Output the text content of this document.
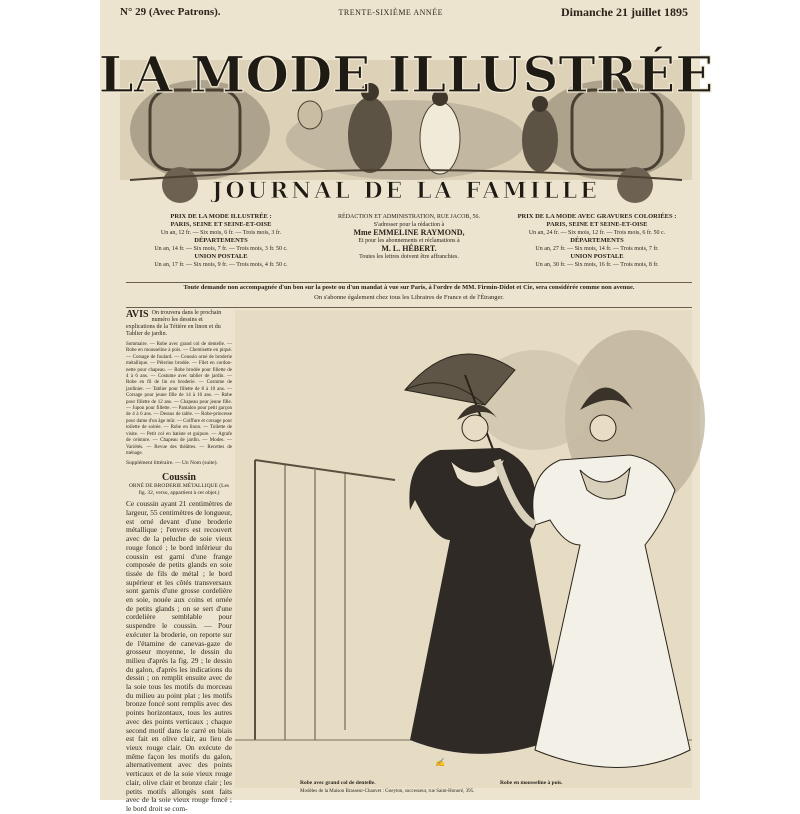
N° 29 (Avec Patrons).	TRENTE-SIXIÈME ANNÉE	Dimanche 21 juillet 1895
LA MODE ILLUSTRÉE
JOURNAL DE LA FAMILLE
PRIX DE LA MODE ILLUSTRÉE :
PARIS, SEINE ET SEINE-ET-OISE
Un an, 12 fr. — Six mois, 6 fr. — Trois mois, 3 fr.
DÉPARTEMENTS
Un an, 14 fr. — Six mois, 7 fr. — Trois mois, 3 fr. 50 c.
UNION POSTALE
Un an, 17 fr. — Six mois, 9 fr. — Trois mois, 4 fr. 50 c.
RÉDACTION ET ADMINISTRATION, RUE JACOB, 56.
S'adresser pour la rédaction à
Mme EMMELINE RAYMOND,
Et pour les abonnements et réclamations à
M. L. HÉBERT.
Toutes les lettres doivent être affranchies.
PRIX DE LA MODE AVEC GRAVURES COLORIÉES :
PARIS, SEINE ET SEINE-ET-OISE
Un an, 24 fr. — Six mois, 12 fr. — Trois mois, 6 fr. 50 c.
DÉPARTEMENTS
Un an, 27 fr. — Six mois, 14 fr. — Trois mois, 7 fr.
UNION POSTALE
Un an, 30 fr. — Six mois, 16 fr. — Trois mois, 8 fr.
Toute demande non accompagnée d'un bon sur la poste ou d'un mandat à vue sur Paris, à l'ordre de MM. Firmin-Didot et Cie, sera considérée comme non avenue.
On s'abonne également chez tous les Libraires de France et de l'Étranger.
AVIS On trouvera dans le prochain numéro les dessins et explications de la Tétière en linon et du Tablier de jardin.
Sommaire. — Robe avec grand col de dentelle. — Robe en mousseline à pois. — Chemisette en piqué. — Corsage de foulard. — Coussin orné de broderie métallique. — Pèlerine brodée. — Filet en cordon-nette pour chapeau. — Robe brodée pour fillette de 4 à 6 ans. — Costume avec tablier de jardin. — Robe en fil de lin en broderie. — Costume de jardinier. — Tablier pour fillette de 8 à 10 ans. — Corsage pour jeune fille de 14 à 16 ans. — Robe pour fillette de 12 ans. — Chapeau pour jeune fille. — Jupon pour fillette. — Pantalon pour petit garçon de 4 à 6 ans. — Dessus de table. — Robe-princesse pour dame d'un âge mûr. — Coiffure et corsage pour toilette de soirée. — Robe en linon. — Toilette de visite. — Petit col en batiste et guipure. — Agrafe de ceinture. — Chapeau de jardin. — Modes. — Variétés. — Revue des théâtres. — Recettes de ménage.
Supplément littéraire. — Un Nom (suite).
Coussin
ORNÉ DE BRODERIE MÉTALLIQUE (Les fig. 32, verso, appartient à cet objet.)
Ce coussin ayant 21 centimètres de largeur, 55 centimètres de longueur, est orné devant d'une broderie métallique ; l'envers est recouvert avec de la peluche de soie vieux rouge foncé ; le bord inférieur du coussin est garni d'une frange composée de petits glands en soie tissée de fils de métal ; le bord supérieur et les côtés transversaux sont garnis d'une grosse cordelière en soie, nouée aux coins et ornée de petits glands ; on se sert d'une cordelière semblable pour suspendre le coussin. — Pour exécuter la broderie, on reporte sur de l'étamine de canevas-gaze de grosseur moyenne, le dessin du milieu d'après la fig. 29 ; le dessin du galon, d'après les indications du dessin ; on remplit ensuite avec de la soie tous les motifs du morceau du milieu au point plat ; les motifs bronze foncé sont remplis avec des points horizontaux, tous les autres avec des points verticaux ; chaque second motif dans le carré en biais est fait en olive clair, au lieu de vieux rouge clair. On exécute de même façon les motifs du galon, alternativement avec des points verticaux et de la soie vieux rouge clair, olive clair et bronze clair ; les petits motifs allongés sont faits avec de la soie vieux rouge foncé ; le bord droit se com-
✍
Robe avec grand col de dentelle.	Robe en mousseline à pois.
Modèles de la Maison Brasseur-Chauvet : Goeyton, successeur, rue Saint-Honoré, 395.
